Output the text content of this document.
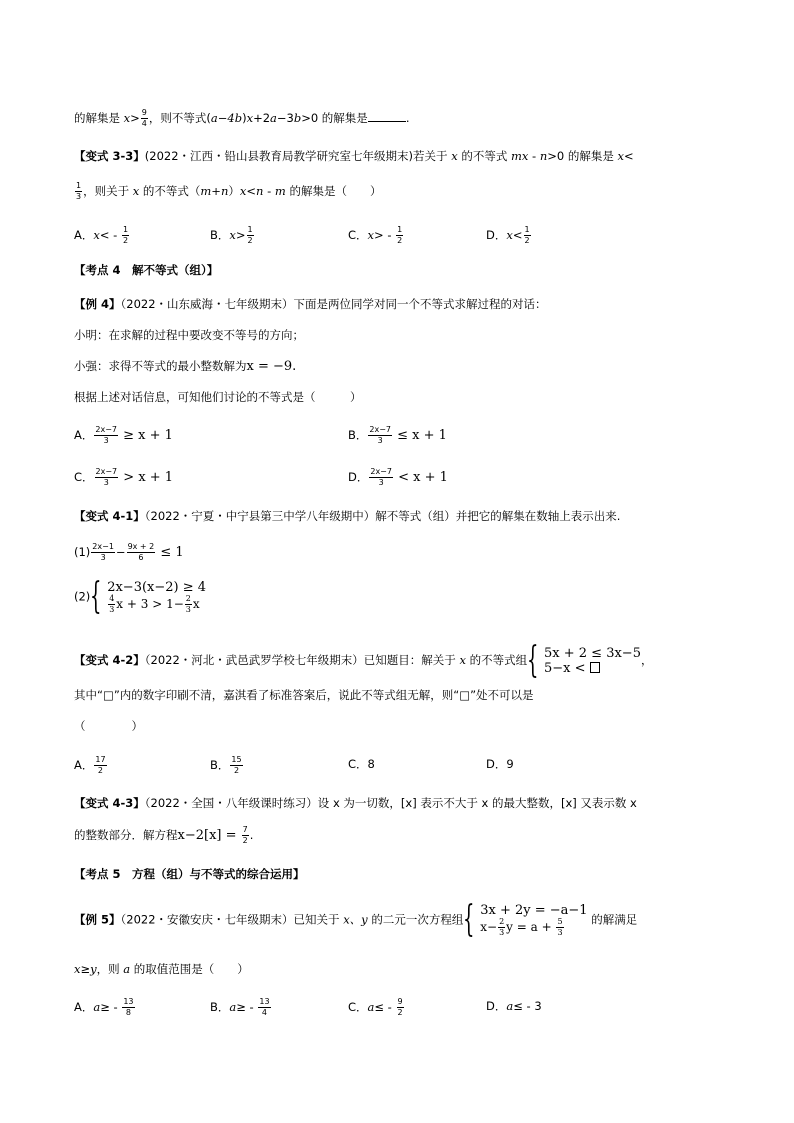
的解集是 $x> \frac{9}{4}$ ，则不等式(a−4b)x+2a−3b>0 的解集是	.
【变式 3-3】(2022・江西・铅山县教育局教学研究室七年级期末)若关于 x 的不等式 mx - n>0 的解集是 x<
$\frac{1}{3}$ ，则关于 x 的不等式（m+n）x<n - m 的解集是（　　）
A．$x< - \frac{1}{2}$	B．$x> \frac{1}{2}$	C．$x> - \frac{1}{2}$	D．$x< \frac{1}{2}$
【考点 4　解不等式（组）】
【例 4】（2022・山东威海・七年级期末）下面是两位同学对同一个不等式求解过程的对话：
小明：在求解的过程中要改变不等号的方向；
小强：求得不等式的最小整数解为x = −9.
根据上述对话信息，可知他们讨论的不等式是（　　　）
A． $\frac{2x-7}{3} \ge x + 1$	B． $\frac{2x-7}{3} \le x + 1$
C． $\frac{2x-7}{3} > x + 1$	D． $\frac{2x-7}{3} < x + 1$
【变式 4-1】（2022・宁夏・中宁县第三中学八年级期中）解不等式（组）并把它的解集在数轴上表示出来.
$(1) \frac{2x-1}{3} - \frac{9x + 2}{6} \le 1$
(2){ 2x−3(x−2) ≥ 4
$\frac{4}{3}$ $x + 3 > 1- \frac{2}{3}$ x
【变式 4-2】（2022・河北・武邑武罗学校七年级期末）已知题目：解关于 x 的不等式组{ 5x + 2 ≤ 3x−5
5−x <
，
其中“□”内的数字印刷不清，嘉淇看了标准答案后，说此不等式组无解，则“□”处不可以是
（　　　　）
A． $\frac{17}{2}$	B． $\frac{15}{2}$	C．8	D．9
【变式 4-3】（2022・全国・八年级课时练习）设 x 为一切数，[x] 表示不大于 x 的最大整数，[x] 又表示数 x
的整数部分．解方程$x-2[x] = \frac{7}{2}$ .
【考点 5　方程（组）与不等式的综合运用】
【例 5】（2022・安徽安庆・七年级期末）已知关于 x、y 的二元一次方程组{ 3x + 2y = −a−1
$x- \frac{2}{3}$ $y = a + \frac{5}{3}$ 的解满足
x≥y，则 a 的取值范围是（　　）
A．$a\ge - \frac{13}{8}$	B．$a\ge - \frac{13}{4}$	C．$a\le - \frac{9}{2}$	D．a≤ - 3
